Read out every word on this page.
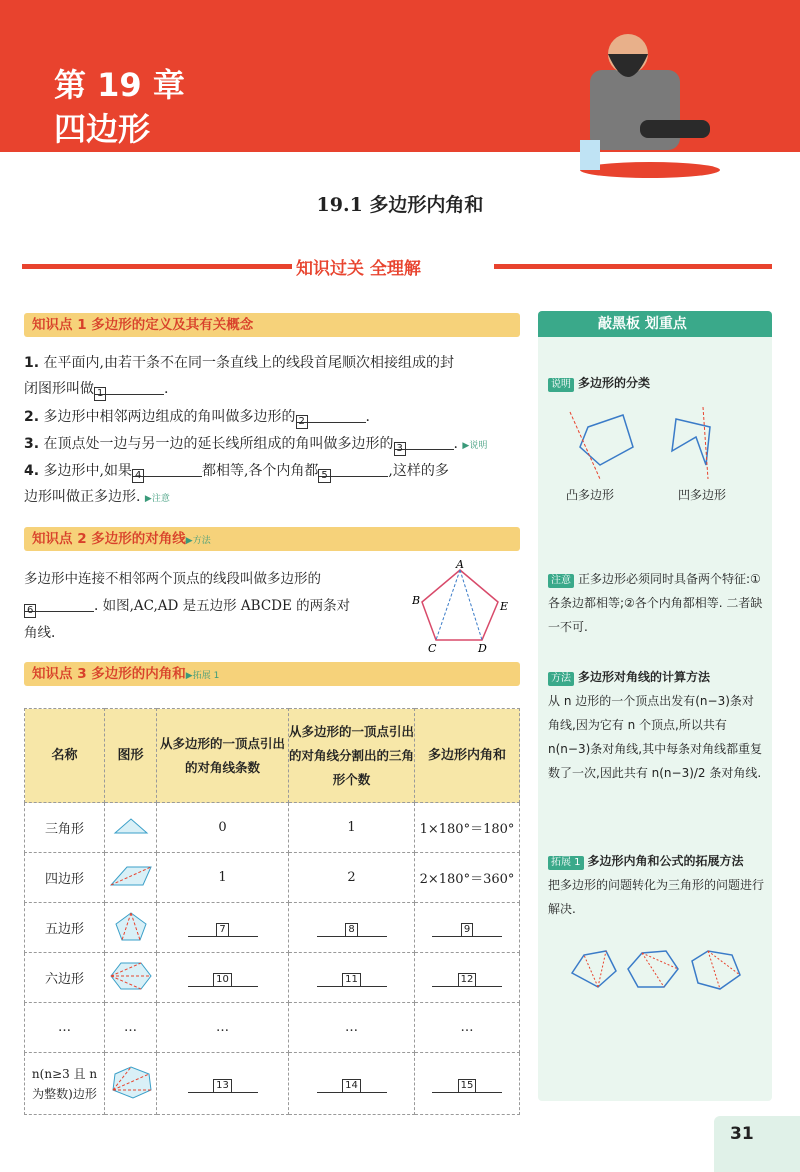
第 19 章
四边形
19.1 多边形内角和
知识过关 全理解
知识点 1 多边形的定义及其有关概念
1. 在平面内,由若干条不在同一条直线上的线段首尾顺次相接组成的封
闭图形叫做 1	.
2. 多边形中相邻两边组成的角叫做多边形的 2	.
3. 在顶点处一边与另一边的延长线所组成的角叫做多边形的 3	. ▶说明
4. 多边形中,如果 4	都相等,各个内角都 5	,这样的多
边形叫做正多边形. ▶注意
知识点 2 多边形的对角线▶方法
多边形中连接不相邻两个顶点的线段叫做多边形的
6	. 如图,AC,AD 是五边形 ABCDE 的两条对
角线.
A
B
C	D
E
知识点 3 多边形的内角和▶拓展 1
名称	图形	从多边形的一顶点引出的对角线条数	从多边形的一顶点引出的对角线分割出的三角形个数	多边形内角和
三角形		0	1	1×180°＝180°
四边形		1	2	2×180°＝360°
五边形		7	8	9
六边形		10	11	12
…	…	…	…	…
n(n≥3 且 n 为整数)边形		13	14	15
敲黑板 划重点
说明 多边形的分类
凸多边形	凹多边形
注意 正多边形必须同时具备两个特征:①各条边都相等;②各个内角都相等. 二者缺一不可.
方法 多边形对角线的计算方法
从 n 边形的一个顶点出发有(n−3)条对角线,因为它有 n 个顶点,所以共有 n(n−3)条对角线,其中每条对角线都重复数了一次,因此共有 n(n−3)/2 条对角线.
拓展 1 多边形内角和公式的拓展方法
把多边形的问题转化为三角形的问题进行解决.
31
